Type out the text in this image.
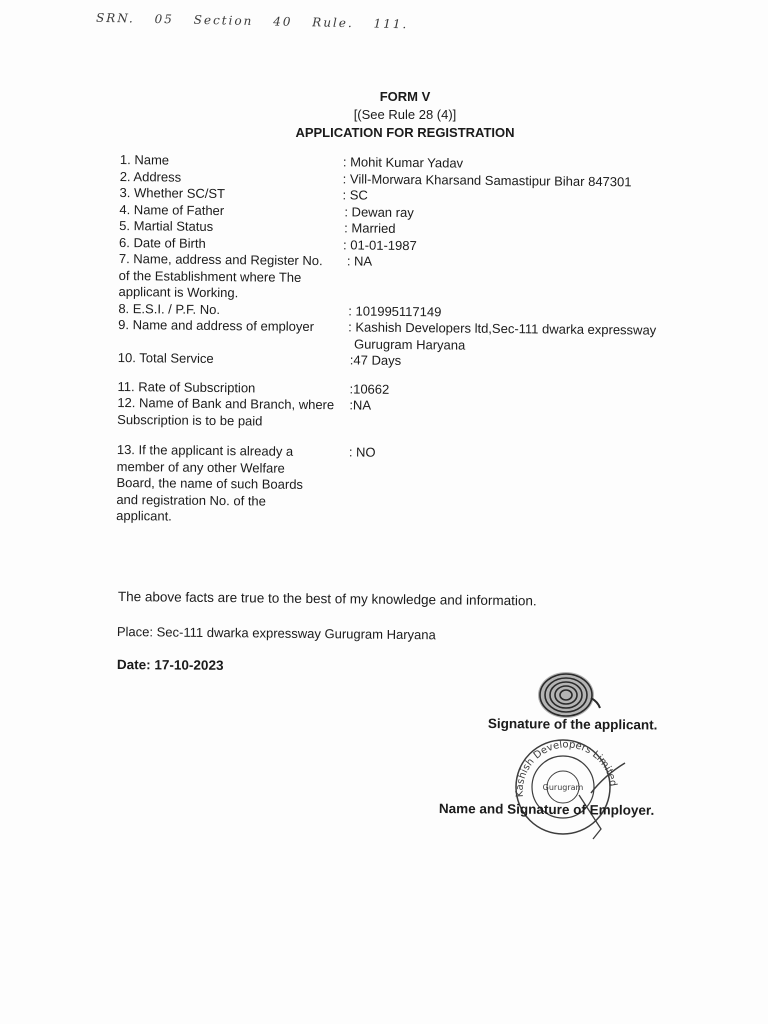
SRN. 05 Section 40 Rule. 111.
FORM V
[(See Rule 28 (4)]
APPLICATION FOR REGISTRATION
1. Name	: Mohit Kumar Yadav
2. Address	: Vill-Morwara Kharsand Samastipur Bihar 847301
3. Whether SC/ST	: SC
4. Name of Father	: Dewan ray
5. Martial Status	: Married
6. Date of Birth	: 01-01-1987
7. Name, address and Register No. : NA
of the Establishment where The
applicant is Working.
8. E.S.I. / P.F. No.	: 101995117149
9. Name and address of employer	: Kashish Developers ltd,Sec-111 dwarka expressway
Gurugram Haryana
10. Total Service	:47 Days
11. Rate of Subscription	:10662
12. Name of Bank and Branch, where :NA
Subscription is to be paid
13. If the applicant is already a	: NO
member of any other Welfare
Board, the name of such Boards
and registration No. of the
applicant.
The above facts are true to the best of my knowledge and information.
Place: Sec-111 dwarka expressway Gurugram Haryana
Date: 17-10-2023
Signature of the applicant.
Kashish Developers Limited
Gurugram
Name and Signature of Employer.
